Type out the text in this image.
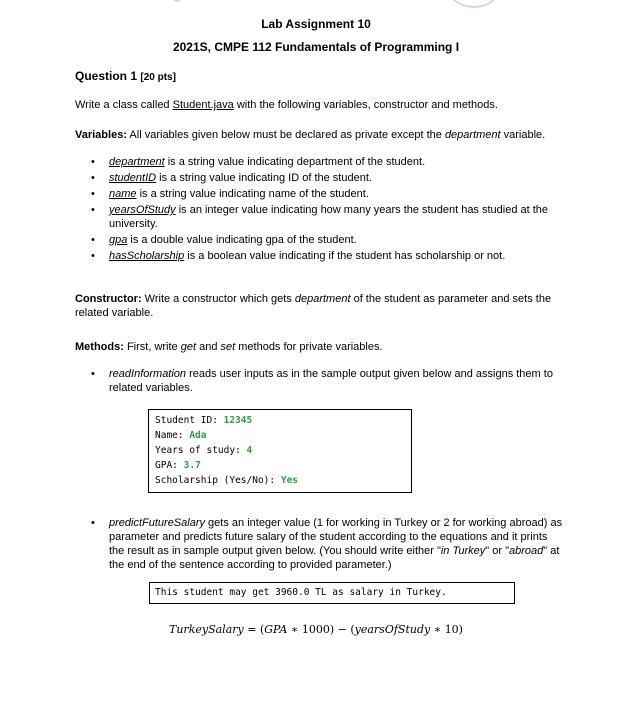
Lab Assignment 10
2021S, CMPE 112 Fundamentals of Programming I
Question 1 [20 pts]
Write a class called Student.java with the following variables, constructor and methods.
Variables: All variables given below must be declared as private except the department variable.
• department is a string value indicating department of the student.
• studentID is a string value indicating ID of the student.
• name is a string value indicating name of the student.
• yearsOfStudy is an integer value indicating how many years the student has studied at the university.
• gpa is a double value indicating gpa of the student.
• hasScholarship is a boolean value indicating if the student has scholarship or not.
Constructor: Write a constructor which gets department of the student as parameter and sets the related variable.
Methods: First, write get and set methods for private variables.
• readInformation reads user inputs as in the sample output given below and assigns them to related variables.
Student ID: 12345
Name: Ada
Years of study: 4
GPA: 3.7
Scholarship (Yes/No): Yes
• predictFutureSalary gets an integer value (1 for working in Turkey or 2 for working abroad) as parameter and predicts future salary of the student according to the equations and it prints the result as in sample output given below. (You should write either "in Turkey" or "abroad" at the end of the sentence according to provided parameter.)
This student may get 3960.0 TL as salary in Turkey.
TurkeySalary = (GPA ∗ 1000) − (yearsOfStudy ∗ 10)
